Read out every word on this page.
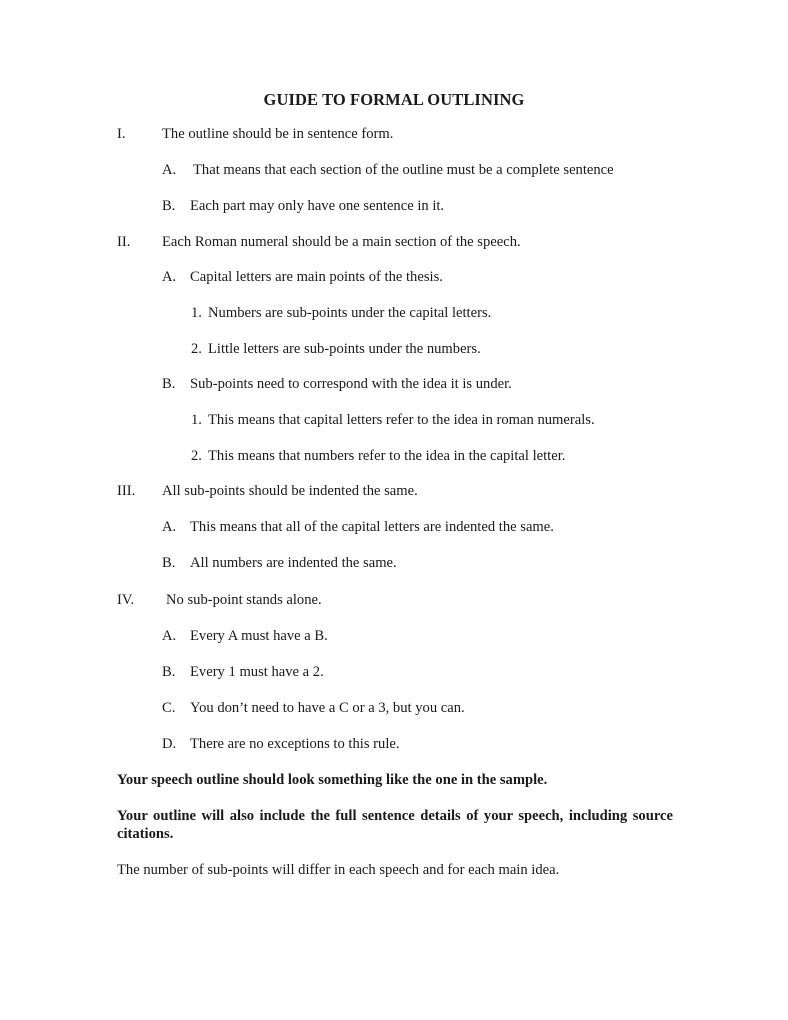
GUIDE TO FORMAL OUTLINING
I. The outline should be in sentence form.
A. That means that each section of the outline must be a complete sentence
B. Each part may only have one sentence in it.
II. Each Roman numeral should be a main section of the speech.
A. Capital letters are main points of the thesis.
1. Numbers are sub-points under the capital letters.
2. Little letters are sub-points under the numbers.
B. Sub-points need to correspond with the idea it is under.
1. This means that capital letters refer to the idea in roman numerals.
2. This means that numbers refer to the idea in the capital letter.
III. All sub-points should be indented the same.
A. This means that all of the capital letters are indented the same.
B. All numbers are indented the same.
IV. No sub-point stands alone.
A. Every A must have a B.
B. Every 1 must have a 2.
C. You don’t need to have a C or a 3, but you can.
D. There are no exceptions to this rule.
Your speech outline should look something like the one in the sample.
Your outline will also include the full sentence details of your speech, including source citations.
The number of sub-points will differ in each speech and for each main idea.
